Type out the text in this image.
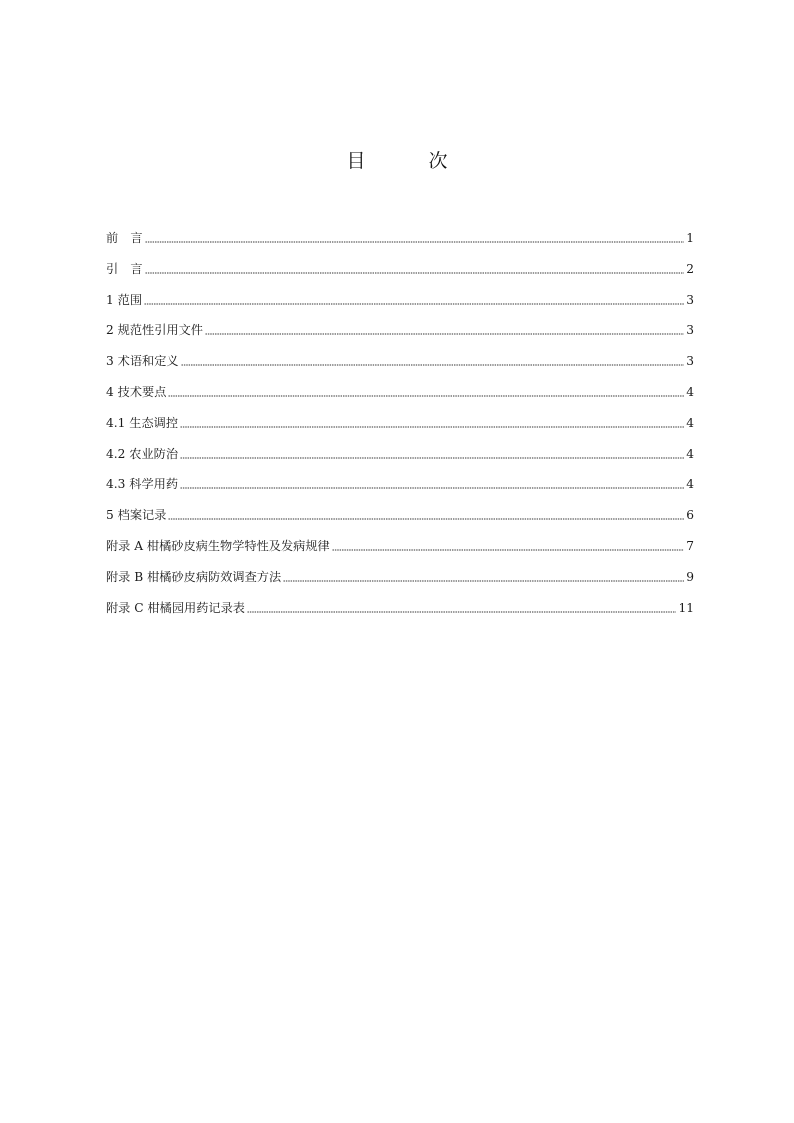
目　次
前　言	1
引　言	2
1 范围	3
2 规范性引用文件	3
3 术语和定义	3
4 技术要点	4
4.1 生态调控	4
4.2 农业防治	4
4.3 科学用药	4
5 档案记录	6
附录 A 柑橘砂皮病生物学特性及发病规律	7
附录 B 柑橘砂皮病防效调查方法	9
附录 C 柑橘园用药记录表	11
